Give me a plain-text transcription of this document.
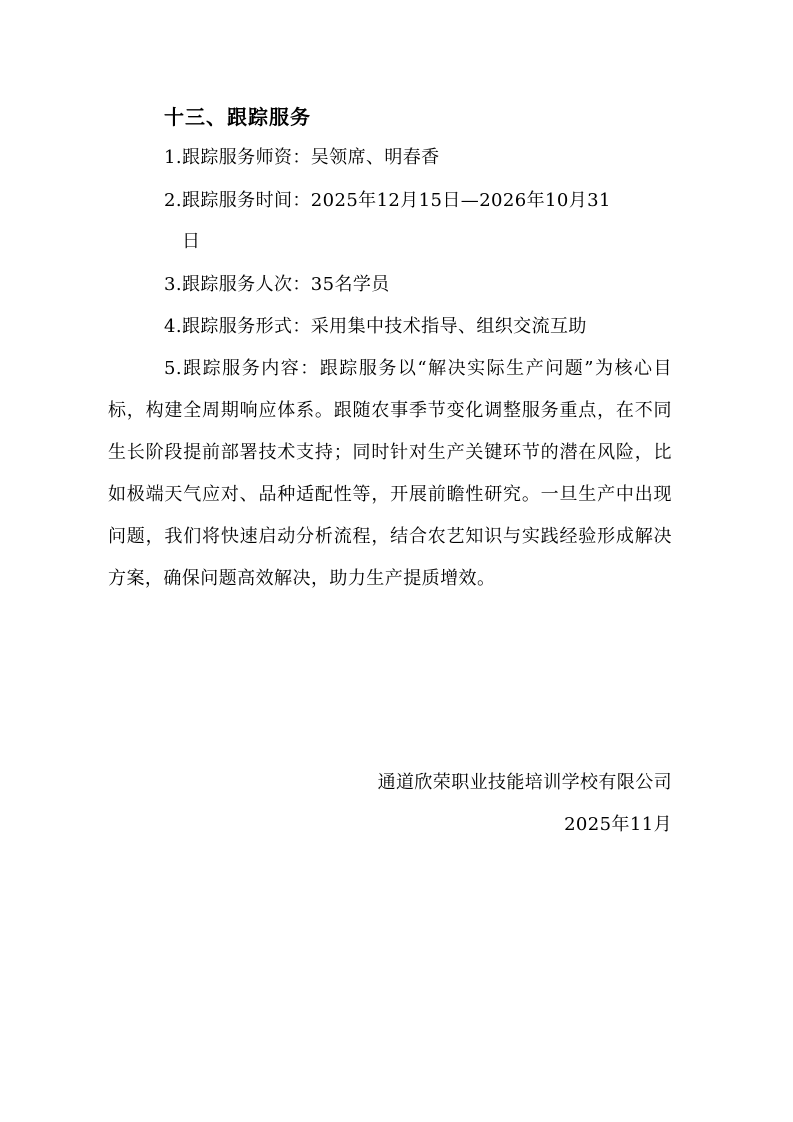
十三、跟踪服务
1.跟踪服务师资：吴领席、明春香
2.跟踪服务时间：2025年12月15日—2026年10月31
日
3.跟踪服务人次：35名学员
4.跟踪服务形式：采用集中技术指导、组织交流互助
5.跟踪服务内容：跟踪服务以“解决实际生产问题”为核心目标，构建全周期响应体系。跟随农事季节变化调整服务重点，在不同生长阶段提前部署技术支持；同时针对生产关键环节的潜在风险，比如极端天气应对、品种适配性等，开展前瞻性研究。一旦生产中出现问题，我们将快速启动分析流程，结合农艺知识与实践经验形成解决方案，确保问题高效解决，助力生产提质增效。
通道欣荣职业技能培训学校有限公司
2025年11月
